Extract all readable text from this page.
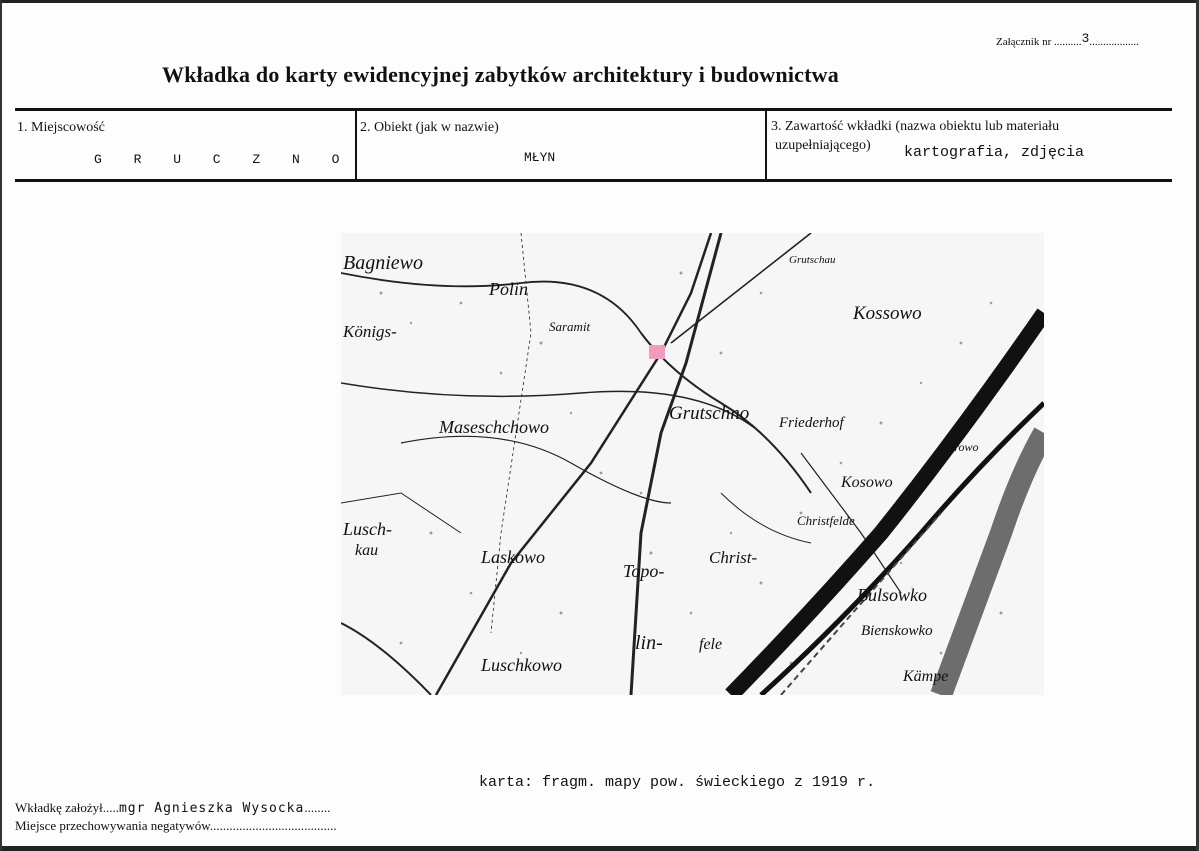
Załącznik nr ..........3..................
Wkładka do karty ewidencyjnej zabytków architektury i budownictwa
1. Miejscowość
G R U C Z N O
2. Obiekt (jak w nazwie)
MŁYN
3. Zawartość wkładki (nazwa obiektu lub materiału
uzupełniającego)	kartografia, zdjęcia
Bagniewo
Polin
Königs-	Saramit
Grutschno
Kossowo
Maseschchowo	Friederhof
Kosowo
Lusch-
kau	Laskowo
Topo-
Christ-
Bulsowko
Bienskowko
lin- fele
Luschkowo
Kämpe
Grutschau
Christfelde
Borowo
karta: fragm. mapy pow. świeckiego z 1919 r.
Wkładkę założył.....mgr Agnieszka Wysocka........
Miejsce przechowywania negatywów.......................................
